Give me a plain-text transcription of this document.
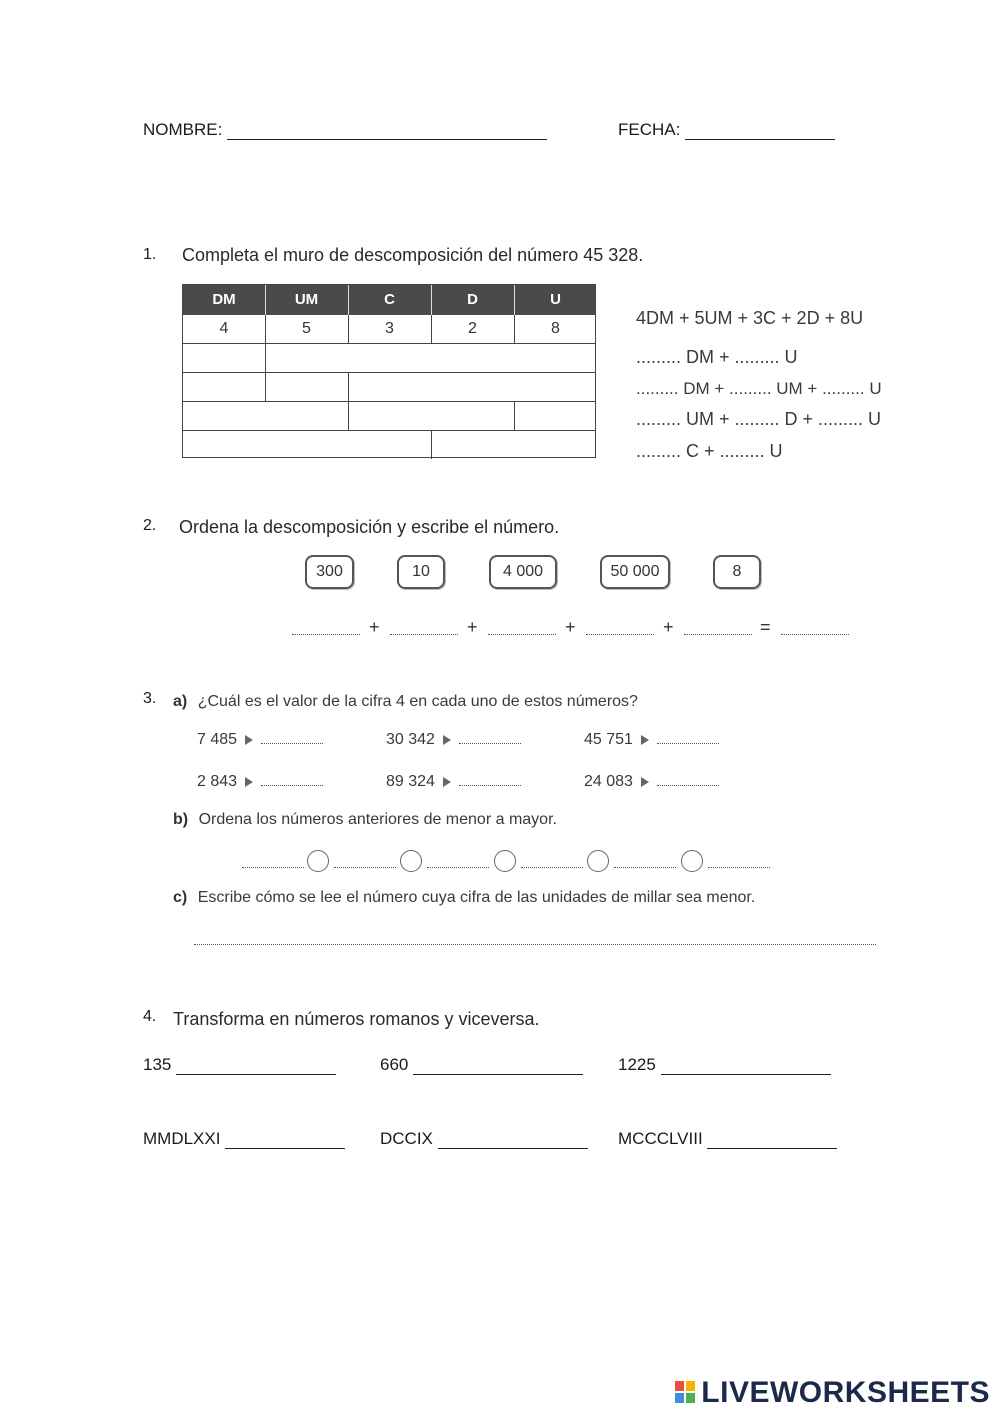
NOMBRE:	FECHA:
1. Completa el muro de descomposición del número 45 328.
DM	UM	C	D	U
4	5	3	2	8
4DM + 5UM + 3C + 2D + 8U
......... DM + ......... U
......... DM + ......... UM + ......... U
......... UM + ......... D + ......... U
......... C + ......... U
2. Ordena la descomposición y escribe el número.
300	10	4 000	50 000	8
+	+	+	+	=
3. a) ¿Cuál es el valor de la cifra 4 en cada uno de estos números?
7 485	30 342	45 751
2 843	89 324	24 083
b) Ordena los números anteriores de menor a mayor.
c) Escribe cómo se lee el número cuya cifra de las unidades de millar sea menor.
4. Transforma en números romanos y viceversa.
135	660	1225
MMDLXXI	DCCIX	MCCCLVIII
LIVEWORKSHEETS
